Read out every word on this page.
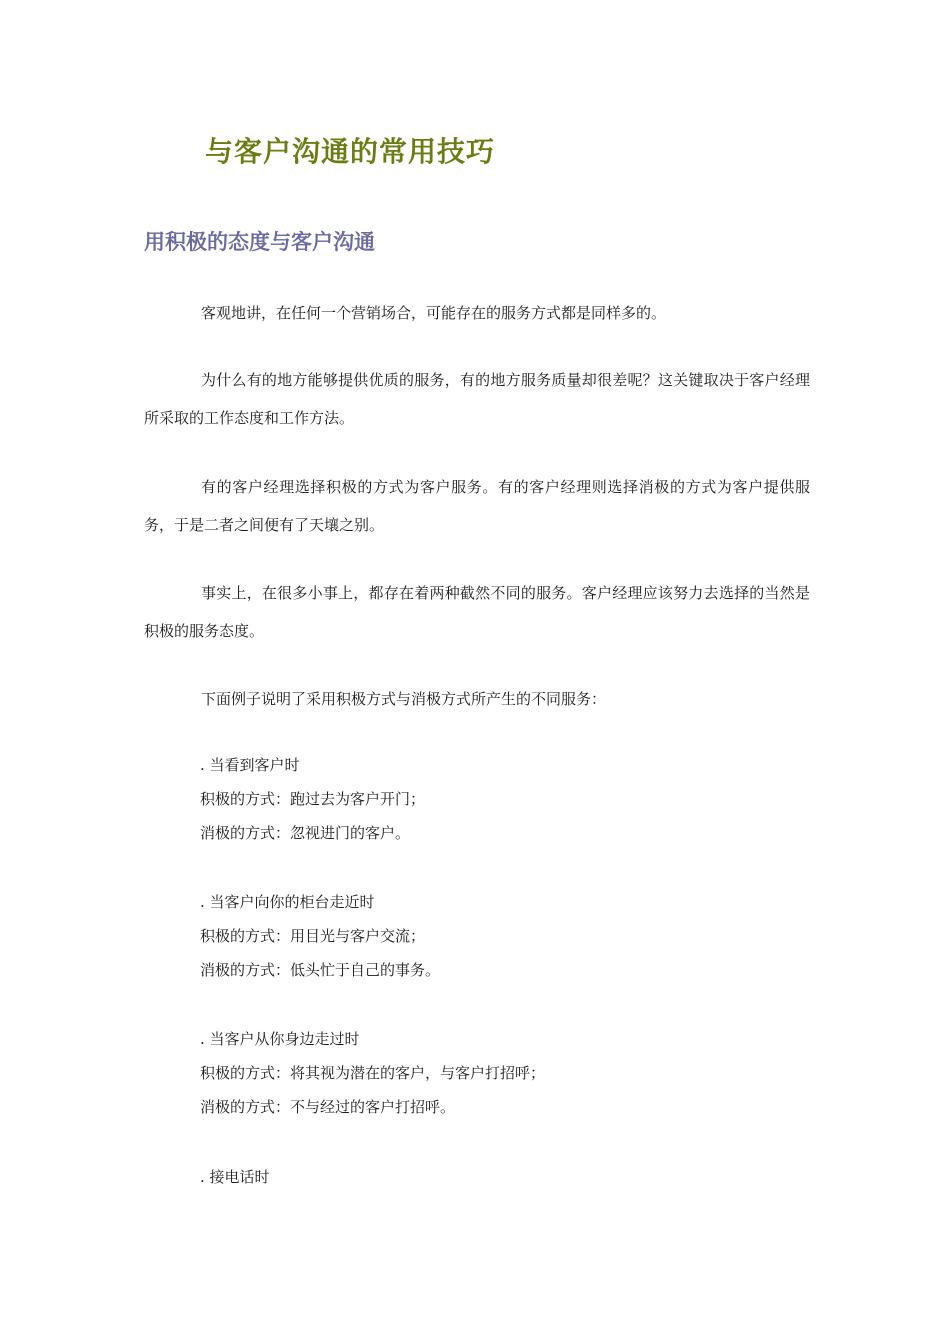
与客户沟通的常用技巧
用积极的态度与客户沟通

客观地讲，在任何一个营销场合，可能存在的服务方式都是同样多的。

为什么有的地方能够提供优质的服务，有的地方服务质量却很差呢？这关键取决于客户经理所采取的工作态度和工作方法。

有的客户经理选择积极的方式为客户服务。有的客户经理则选择消极的方式为客户提供服务，于是二者之间便有了天壤之别。

事实上，在很多小事上，都存在着两种截然不同的服务。客户经理应该努力去选择的当然是积极的服务态度。

下面例子说明了采用积极方式与消极方式所产生的不同服务：

. 当看到客户时

积极的方式：跑过去为客户开门；

消极的方式：忽视进门的客户。

. 当客户向你的柜台走近时

积极的方式：用目光与客户交流；

消极的方式：低头忙于自己的事务。

. 当客户从你身边走过时

积极的方式：将其视为潜在的客户，与客户打招呼；

消极的方式：不与经过的客户打招呼。

. 接电话时
